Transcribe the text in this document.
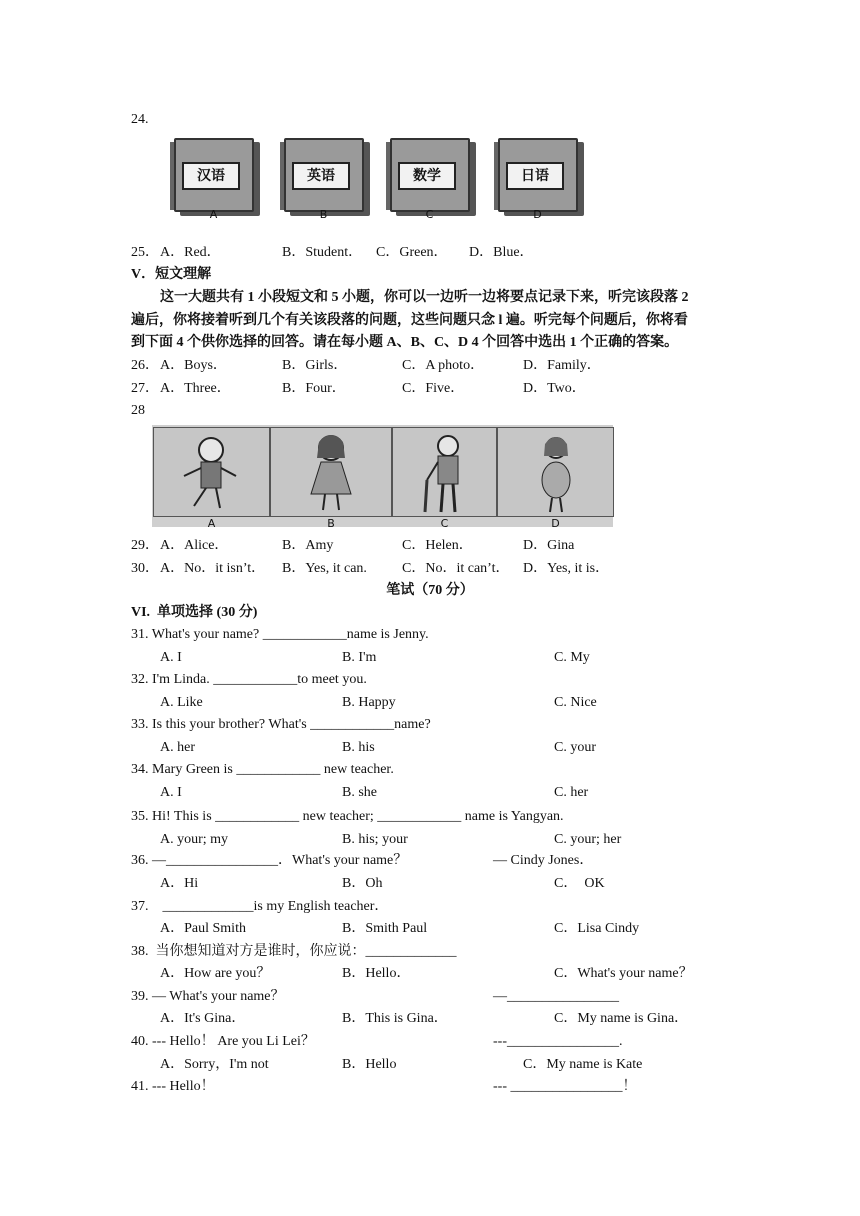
24.
汉语
A
英语
B
数学
C
日语
D
25． A．Red．	B．Student． C．Green． D．Blue．
V．短文理解
这一大题共有 1 小段短文和 5 小题，你可以一边听一边将要点记录下来，听完该段落 2
遍后，你将接着听到几个有关该段落的问题，这些问题只念 l 遍。听完每个问题后，你将看
到下面 4 个供你选择的回答。请在每小题 A、B、C、D 4 个回答中选出 1 个正确的答案。
26． A．Boys．	B．Girls．	C．A photo．	D．Family．
27． A．Three．	B．Four．	C．Five．	D．Two．
28
A	B	C	D
29． A．Alice．	B．Amy	C．Helen．	D．Gina
30． A．No．it isn’t． B．Yes, it can.	C．No．it can’t． D．Yes, it is．
笔试（70 分）
VI.  单项选择 (30 分)
31. What's your name? ____________name is Jenny.
A. I	B. I'm	C. My
32. I'm Linda. ____________to meet you.
A. Like	B. Happy	C. Nice
33. Is this your brother? What's ____________name?
A. her	B. his	C. your
34. Mary Green is ____________ new teacher.
A. I	B. she	C. her
35. Hi! This is ____________ new teacher; ____________ name is Yangyan.
A. your; my	B. his; your	C. your; her
36. —________________．What's your name？	— Cindy Jones．
A．Hi	B．Oh	C．  OK
37.    _____________is my English teacher．
A．Paul Smith	B．Smith Paul	C．Lisa Cindy
38.  当你想知道对方是谁时，你应说：_____________
A．How are you？	B．Hello．	C．What's your name？
39. — What's your name？	—________________
A．It's Gina．	B．This is Gina．	C．My name is Gina．
40. --- Hello！ Are you Li Lei？	---________________.
A．Sorry，I'm not	B．Hello	C．My name is Kate
41. --- Hello！	--- ________________！
